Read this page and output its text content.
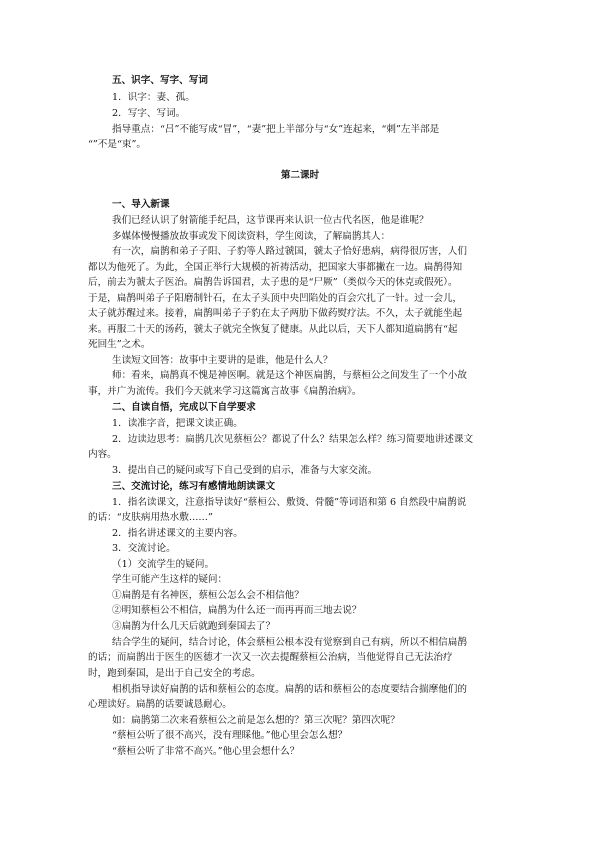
五、识字、写字、写词
1．识字：妻、孤。
2．写字、写词。
指导重点：“吕”不能写成“冒”，“妻”把上半部分与“女”连起来，“刺”左半部是
“”不是“束”。
第二课时
一、导入新课
我们已经认识了射箭能手纪昌，这节课再来认识一位古代名医，他是谁呢？
多媒体慢慢播放故事或发下阅读资料，学生阅读，了解扁鹊其人：
有一次，扁鹊和弟子子阳、子豹等人路过虢国，虢太子恰好患病，病得很厉害，人们
都以为他死了。为此，全国正举行大规模的祈祷活动，把国家大事都撇在一边。扁鹊得知
后，前去为虢太子医治。扁鹊告诉国君，太子患的是“尸厥”（类似今天的休克或假死）。
于是，扁鹊叫弟子子阳磨制针石，在太子头顶中央凹陷处的百会穴扎了一针。过一会儿，
太子就苏醒过来。接着，扁鹊叫弟子子豹在太子两肋下做药熨疗法。不久，太子就能坐起
来。再服二十天的汤药，虢太子就完全恢复了健康。从此以后，天下人都知道扁鹊有“起
死回生”之术。
生读短文回答：故事中主要讲的是谁，他是什么人？
师：看来，扁鹊真不愧是神医啊。就是这个神医扁鹊，与蔡桓公之间发生了一个小故
事，并广为流传。我们今天就来学习这篇寓言故事《扁鹊治病》。
二、自读自悟，完成以下自学要求
1．读准字音，把课文读正确。
2．边读边思考：扁鹊几次见蔡桓公？都说了什么？结果怎么样？练习简要地讲述课文
内容。
3．提出自己的疑问或写下自己受到的启示，准备与大家交流。
三、交流讨论，练习有感情地朗读课文
1．指名读课文，注意指导读好“蔡桓公、敷烫、骨髓”等词语和第 6 自然段中扁鹊说
的话：“皮肤病用热水敷……”
2．指名讲述课文的主要内容。
3．交流讨论。
（1）交流学生的疑问。
学生可能产生这样的疑问：
①扁鹊是有名神医，蔡桓公怎么会不相信他？
②明知蔡桓公不相信，扁鹊为什么还一而再再而三地去说？
③扁鹊为什么几天后就跑到秦国去了？
结合学生的疑问，结合讨论，体会蔡桓公根本没有觉察到自己有病，所以不相信扁鹊
的话；而扁鹊出于医生的医德才一次又一次去提醒蔡桓公治病，当他觉得自己无法治疗
时，跑到秦国，是出于自己安全的考虑。
相机指导读好扁鹊的话和蔡桓公的态度。扁鹊的话和蔡桓公的态度要结合揣摩他们的
心理读好。扁鹊的话要诚恳耐心。
如：扁鹊第二次来看蔡桓公之前是怎么想的？第三次呢？第四次呢？
“蔡桓公听了很不高兴，没有理睬他。”他心里会怎么想？
“蔡桓公听了非常不高兴。”他心里会想什么？
